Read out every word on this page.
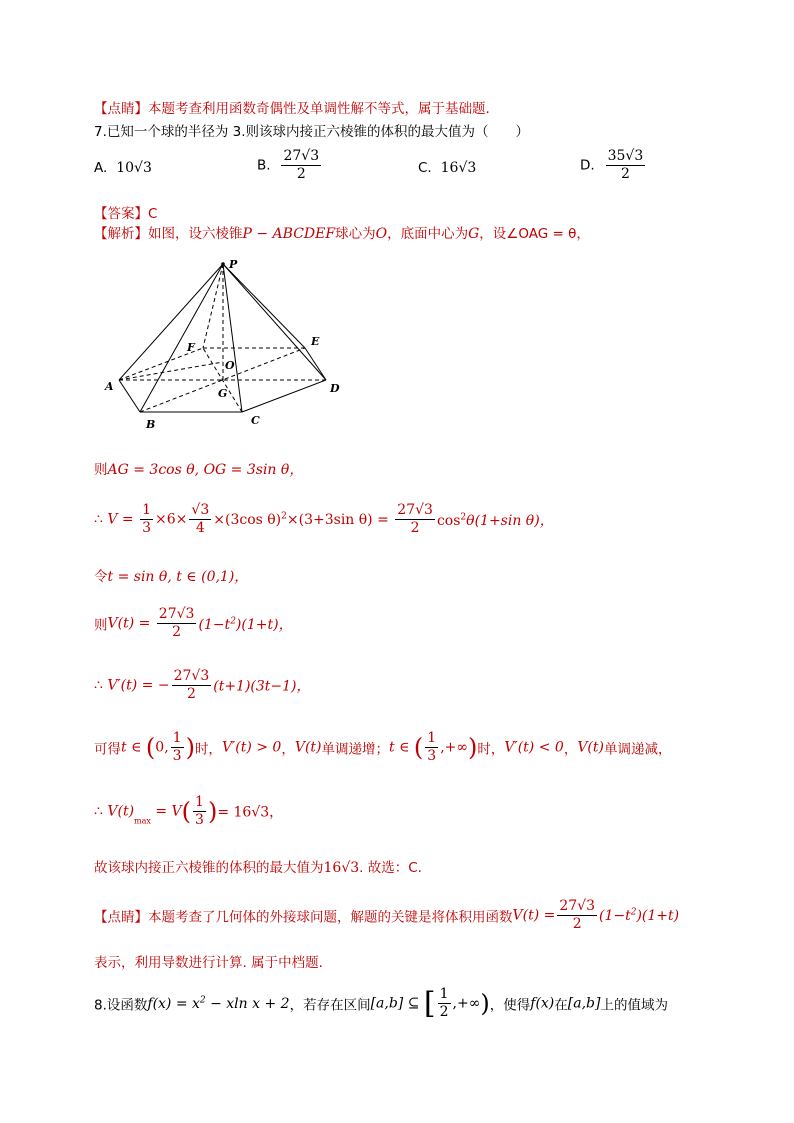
【点睛】本题考查利用函数奇偶性及单调性解不等式，属于基础题.
7.已知一个球的半径为 3.则该球内接正六棱锥的体积的最大值为（　　）
A. 10√3	B. $\frac{27√3}{2}$	C. 16√3	D. $\frac{35√3}{2}$
【答案】C
【解析】如图，设六棱锥P − ABCDEF球心为O，底面中心为G，设∠OAG = θ，
P
A
B	C
D
E
F
O
G
则AG = 3cos θ, OG = 3sin θ，
∴ $V = \frac{1}{3} \times 6\times \frac{√3}{4} \times(3\cos$ θ)$^2$×(3+3sin $\theta) = \frac{27√3}{2} \cos^2\theta(1+\sin$ θ)，
令t = sin θ, t ∈ (0,1)，
则$V(t) = \frac{27√3}{2} (1-t^2)(1+t)$，
∴ V′(t) = − $\frac{27√3}{2} (t+1)(3t-1)$，
可得t ∈ (0, $\frac{1}{3}$ )时，V′(t) > 0，V(t)单调递增；t ∈ ( $\frac{1}{3}$ ,+∞)时，V′(t) < 0，V(t)单调递减，
∴ $V(t)_{max} = V( \frac{1}{3}$ )= 16√3，
故该球内接正六棱锥的体积的最大值为16√3. 故选：C.
【点睛】本题考查了几何体的外接球问题，解题的关键是将体积用函数$V(t) = \frac{27√3}{2} (1-t^2)(1+t)$
表示，利用导数进行计算. 属于中档题.
8.设函数$f(x) = x^2 - xln$ x + 2，若存在区间[a,b] ⊆ [ $\frac{1}{2}$ ,+∞)，使得f(x)在[a,b]上的值域为
